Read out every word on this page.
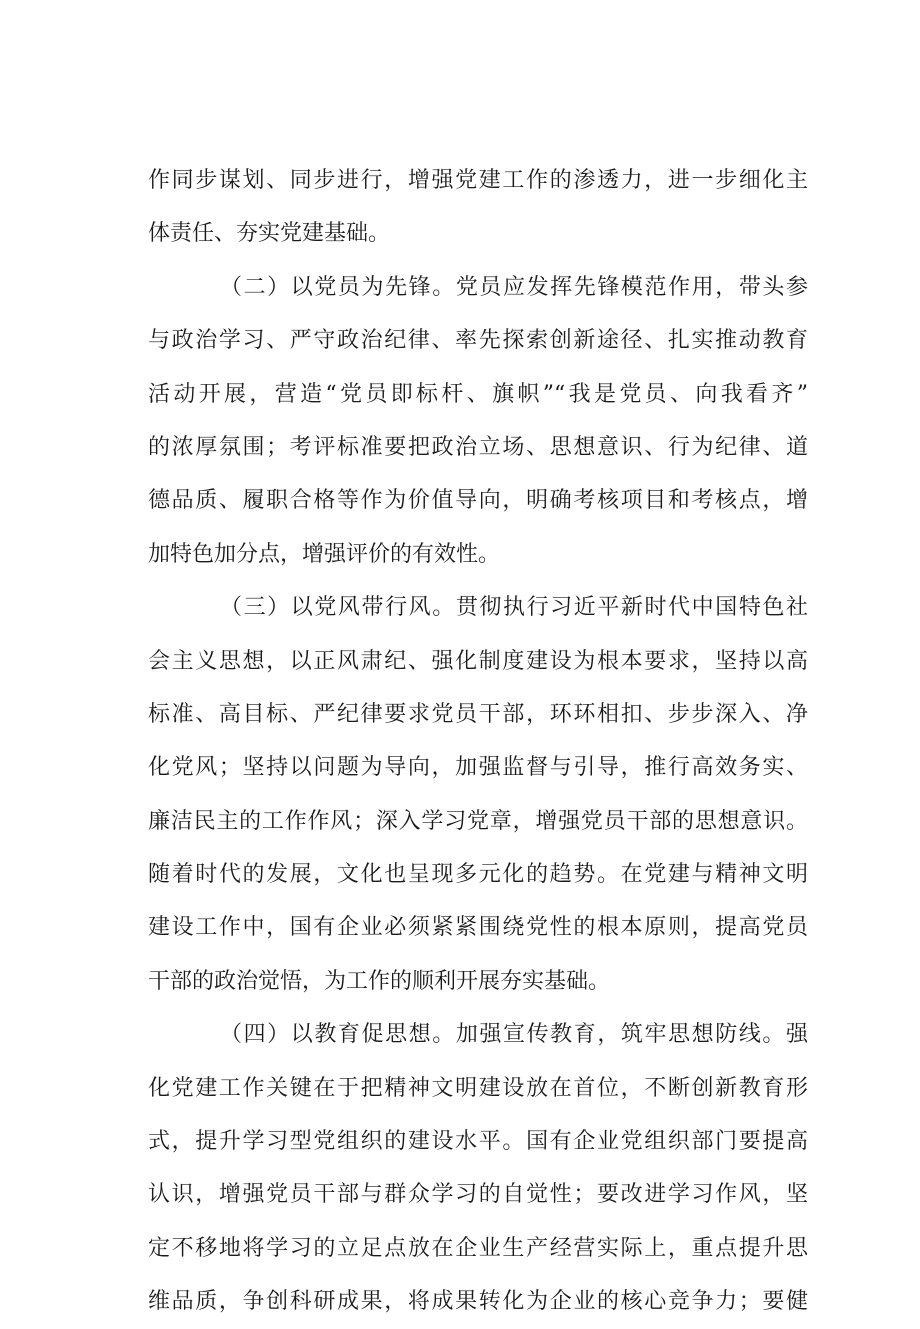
作同步谋划、同步进行，增强党建工作的渗透力，进一步细化主
体责任、夯实党建基础。
（二）以党员为先锋。党员应发挥先锋模范作用，带头参
与政治学习、严守政治纪律、率先探索创新途径、扎实推动教育
活动开展，营造“党员即标杆、旗帜”“我是党员、向我看齐”
的浓厚氛围；考评标准要把政治立场、思想意识、行为纪律、道
德品质、履职合格等作为价值导向，明确考核项目和考核点，增
加特色加分点，增强评价的有效性。
（三）以党风带行风。贯彻执行习近平新时代中国特色社
会主义思想，以正风肃纪、强化制度建设为根本要求，坚持以高
标准、高目标、严纪律要求党员干部，环环相扣、步步深入、净
化党风；坚持以问题为导向，加强监督与引导，推行高效务实、
廉洁民主的工作作风；深入学习党章，增强党员干部的思想意识。
随着时代的发展，文化也呈现多元化的趋势。在党建与精神文明
建设工作中，国有企业必须紧紧围绕党性的根本原则，提高党员
干部的政治觉悟，为工作的顺利开展夯实基础。
（四）以教育促思想。加强宣传教育，筑牢思想防线。强
化党建工作关键在于把精神文明建设放在首位，不断创新教育形
式，提升学习型党组织的建设水平。国有企业党组织部门要提高
认识，增强党员干部与群众学习的自觉性；要改进学习作风，坚
定不移地将学习的立足点放在企业生产经营实际上，重点提升思
维品质，争创科研成果，将成果转化为企业的核心竞争力；要健
